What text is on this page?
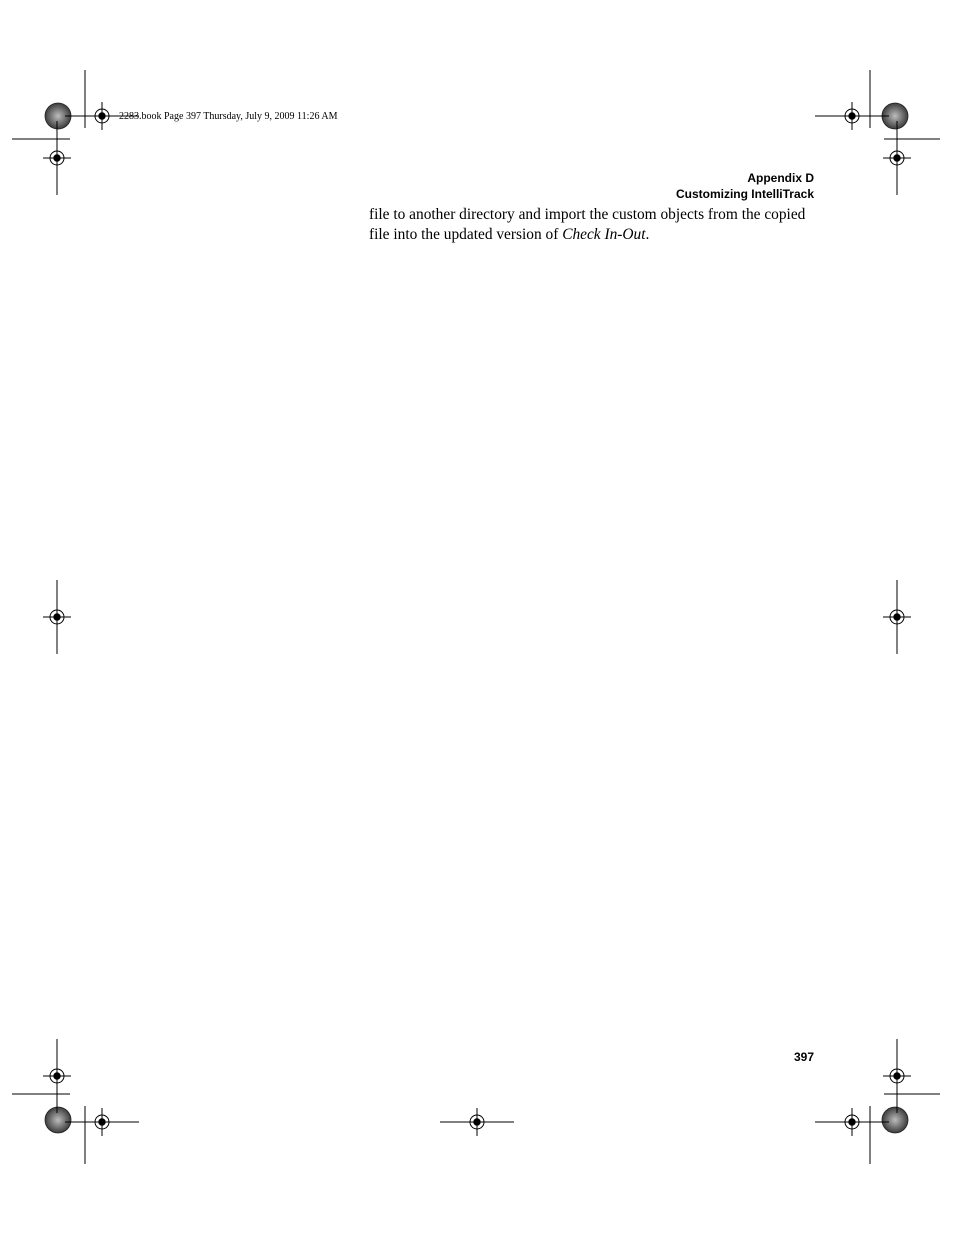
2283.book Page 397 Thursday, July 9, 2009 11:26 AM
Appendix D
Customizing IntelliTrack

file to another directory and import the custom objects from the copied

file into the updated version of Check In-Out.

397
